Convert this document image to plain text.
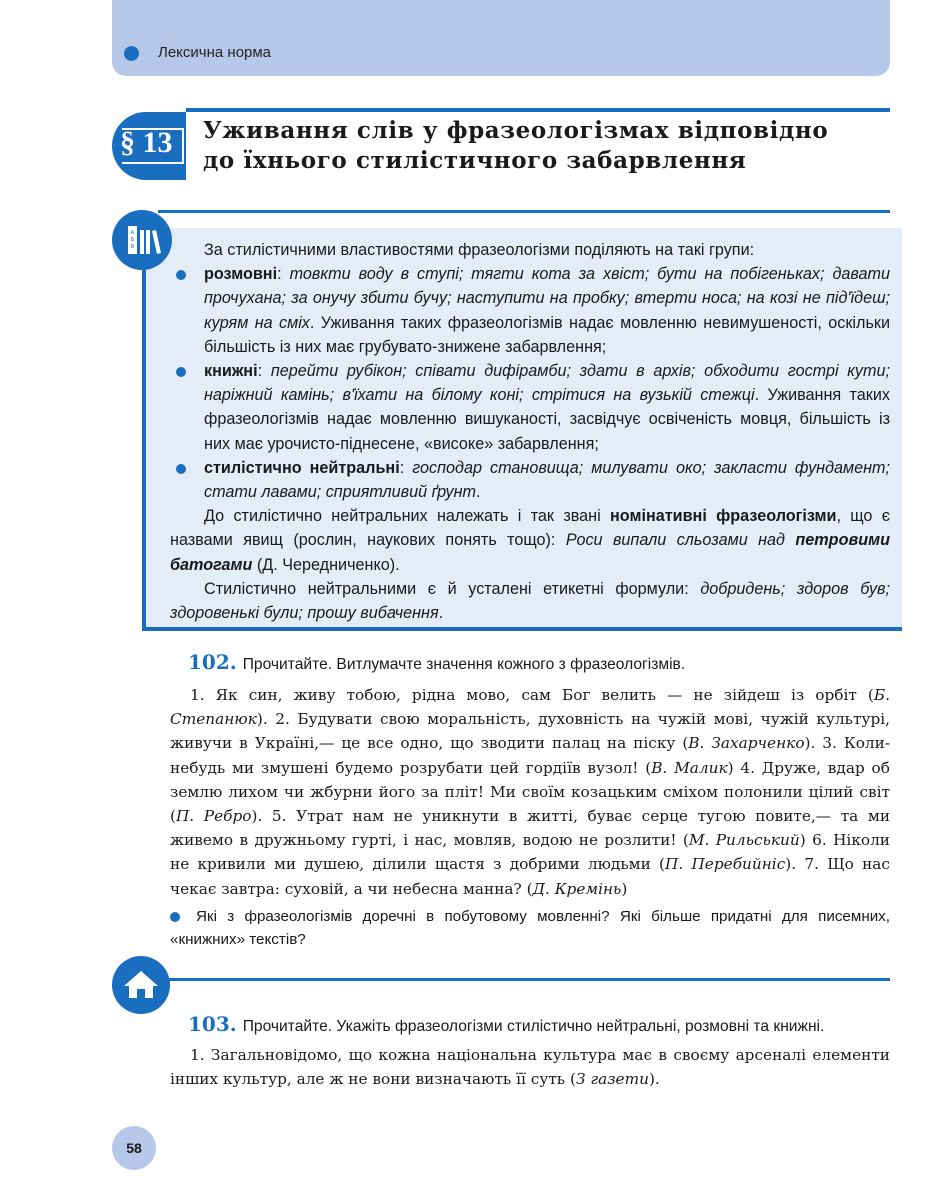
Лексична норма
§ 13 Уживання слів у фразеологізмах відповідно
до їхнього стилістичного забарвлення
А
Б
В	За стилістичними властивостями фразеологізми поділяють на такі групи:

розмовні: товкти воду в ступі; тягти кота за хвіст; бути на побігеньках; давати прочухана; за онучу збити бучу; наступити на пробку; втерти носа; на козі не під'їдеш; курям на сміх. Уживання таких фразеологізмів надає мовленню невимушеності, оскільки більшість із них має грубувато-знижене забарвлення;
книжні: перейти рубікон; співати дифірамби; здати в архів; обходити гострі кути; наріжний камінь; в'їхати на білому коні; стрітися на вузькій стежці. Уживання таких фразеологізмів надає мовленню вишуканості, засвідчує освіченість мовця, більшість із них має урочисто-піднесене, «високе» забарвлення;
стилістично нейтральні: господар становища; милувати око; закласти фундамент; стати лавами; сприятливий ґрунт.

До стилістично нейтральних належать і так звані номінативні фразеологізми, що є назвами явищ (рослин, наукових понять тощо): Роси випали сльозами над петровими батогами (Д. Чередниченко).

Стилістично нейтральними є й усталені етикетні формули: добридень; здоров був; здоровенькі були; прошу вибачення.

102. Прочитайте. Витлумачте значення кожного з фразеологізмів.
1. Як син, живу тобою, рідна мово, сам Бог велить — не зійдеш із орбіт (Б. Степанюк). 2. Будувати свою моральність, духовність на чужій мові, чужій культурі, живучи в Україні,— це все одно, що зводити палац на піску (В. Захарченко). 3. Коли-небудь ми змушені будемо розрубати цей гордіїв вузол! (В. Малик) 4. Друже, вдар об землю лихом чи жбурни його за пліт! Ми своїм козацьким сміхом полонили цілий світ (П. Ребро). 5. Утрат нам не уникнути в житті, буває серце тугою повите,— та ми живемо в дружньому гурті, і нас, мовляв, водою не розлити! (М. Рильський) 6. Ніколи не кривили ми душею, ділили щастя з добрими людьми (П. Перебийніс). 7. Що нас чекає завтра: суховій, а чи небесна манна? (Д. Кремінь)
Які з фразеологізмів доречні в побутовому мовленні? Які більше придатні для писемних, «книжних» текстів?
103. Прочитайте. Укажіть фразеологізми стилістично нейтральні, розмовні та книжні.
1. Загальновідомо, що кожна національна культура має в своєму арсеналі елементи інших культур, але ж не вони визначають її суть (З газети).
58
